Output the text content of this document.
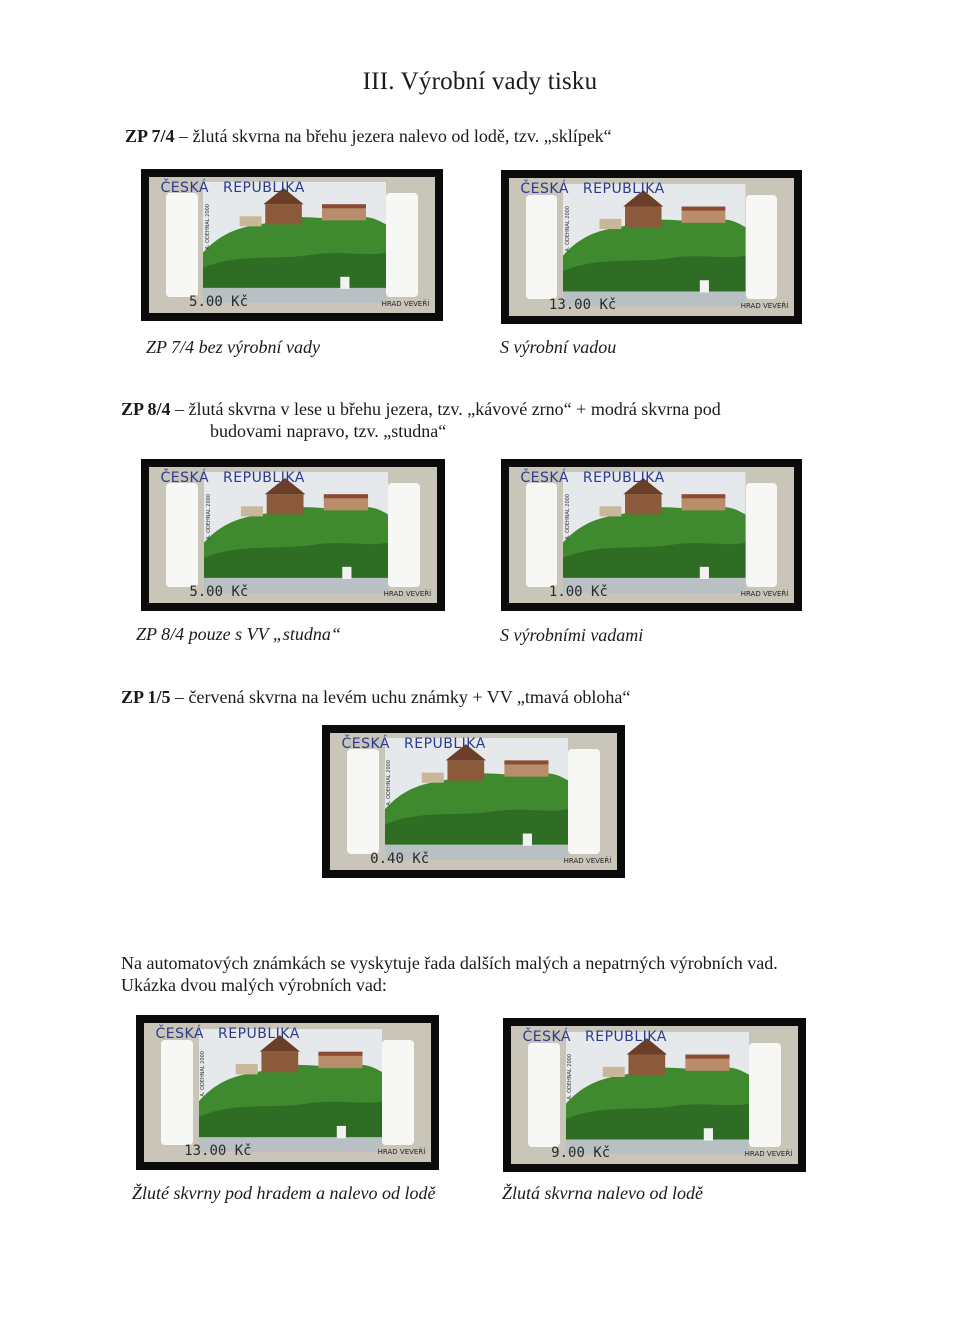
III. Výrobní vady tisku
ZP 7/4 – žlutá skvrna na břehu jezera nalevo od lodě, tzv. „sklípek“
ZP 8/4 – žlutá skvrna v lese u břehu jezera, tzv. „kávové zrno“ + modrá skvrna pod
budovami napravo, tzv. „studna“
ZP 1/5 – červená skvrna na levém uchu známky + VV „tmavá obloha“
Na automatových známkách se vyskytuje řada dalších malých a nepatrných výrobních vad.
Ukázka dvou malých výrobních vad:
ZP 7/4 bez výrobní vady	S výrobní vadou
ZP 8/4 pouze s VV „studna“	S výrobními vadami
Žluté skvrny pod hradem a nalevo od lodě	Žlutá skvrna nalevo od lodě
A. ODEHNAL 2000
ČESKÁ REPUBLIKA
5.00 Kč	HRAD VEVEŘÍ
A. ODEHNAL 2000
ČESKÁ REPUBLIKA
13.00 Kč	HRAD VEVEŘÍ
A. ODEHNAL 2000
ČESKÁ REPUBLIKA
5.00 Kč	HRAD VEVEŘÍ
A. ODEHNAL 2000
ČESKÁ REPUBLIKA
1.00 Kč	HRAD VEVEŘÍ
A. ODEHNAL 2000
ČESKÁ REPUBLIKA
0.40 Kč	HRAD VEVEŘÍ
A. ODEHNAL 2000
ČESKÁ REPUBLIKA
13.00 Kč	HRAD VEVEŘÍ
A. ODEHNAL 2000
ČESKÁ REPUBLIKA
9.00 Kč	HRAD VEVEŘÍ
